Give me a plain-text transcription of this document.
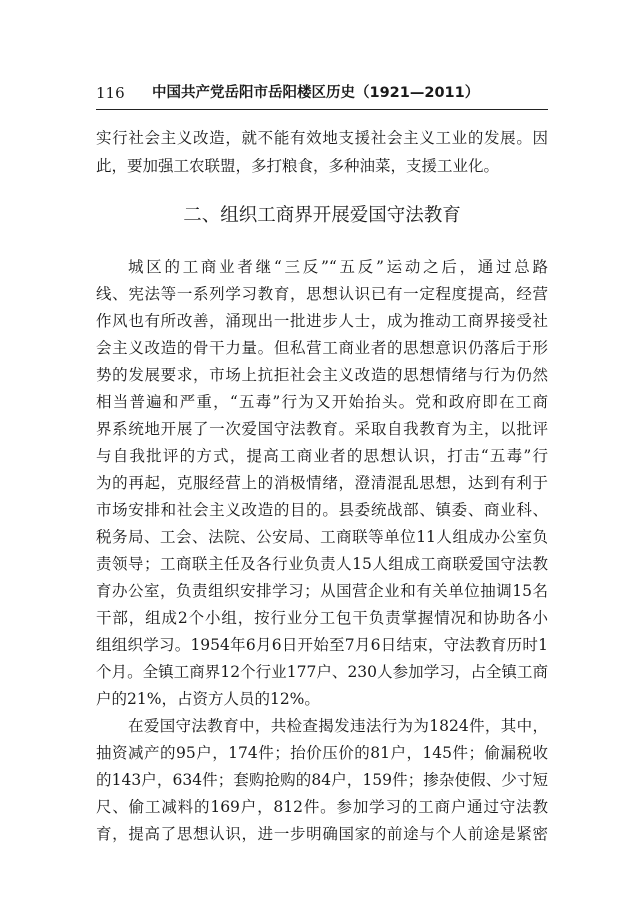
116 中国共产党岳阳市岳阳楼区历史（1921—2011）
实行社会主义改造，就不能有效地支援社会主义工业的发展。因
此，要加强工农联盟，多打粮食，多种油菜，支援工业化。
二、组织工商界开展爱国守法教育
城区的工商业者继“三反”“五反”运动之后，通过总路
线、宪法等一系列学习教育，思想认识已有一定程度提高，经营
作风也有所改善，涌现出一批进步人士，成为推动工商界接受社
会主义改造的骨干力量。但私营工商业者的思想意识仍落后于形
势的发展要求，市场上抗拒社会主义改造的思想情绪与行为仍然
相当普遍和严重，“五毒”行为又开始抬头。党和政府即在工商
界系统地开展了一次爱国守法教育。采取自我教育为主，以批评
与自我批评的方式，提高工商业者的思想认识，打击“五毒”行
为的再起，克服经营上的消极情绪，澄清混乱思想，达到有利于
市场安排和社会主义改造的目的。县委统战部、镇委、商业科、
税务局、工会、法院、公安局、工商联等单位11人组成办公室负
责领导；工商联主任及各行业负责人15人组成工商联爱国守法教
育办公室，负责组织安排学习；从国营企业和有关单位抽调15名
干部，组成2个小组，按行业分工包干负责掌握情况和协助各小
组组织学习。1954年6月6日开始至7月6日结束，守法教育历时1
个月。全镇工商界12个行业177户、230人参加学习，占全镇工商
户的21%，占资方人员的12%。
在爱国守法教育中，共检查揭发违法行为为1824件，其中，
抽资减产的95户，174件；抬价压价的81户，145件；偷漏税收
的143户，634件；套购抢购的84户，159件；掺杂使假、少寸短
尺、偷工减料的169户，812件。参加学习的工商户通过守法教
育，提高了思想认识，进一步明确国家的前途与个人前途是紧密
